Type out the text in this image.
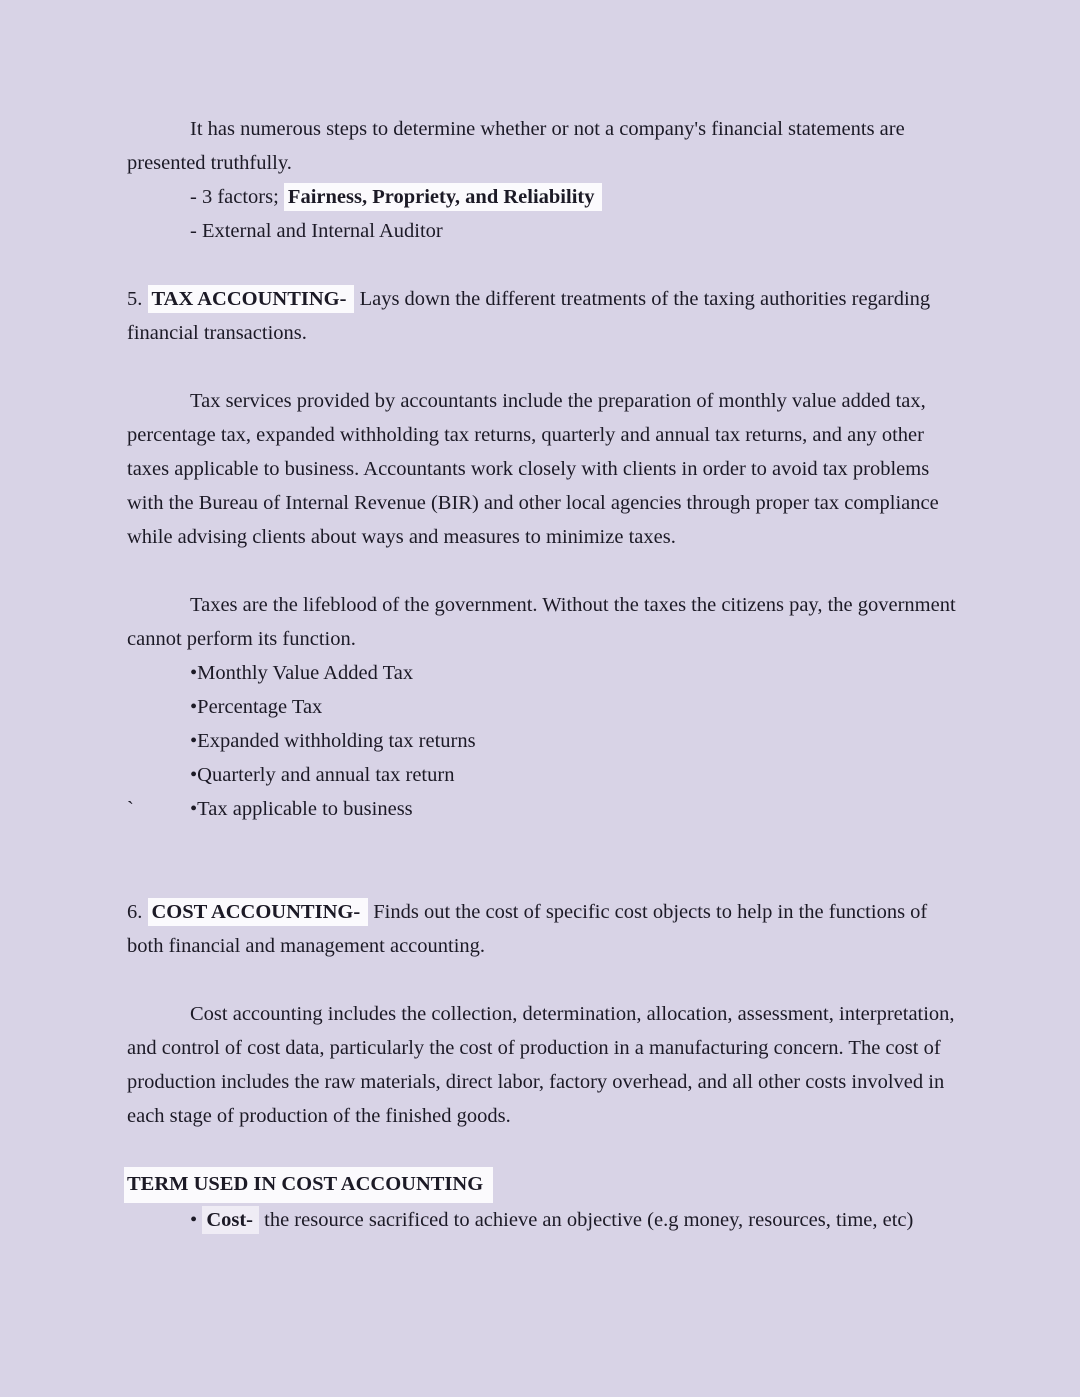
It has numerous steps to determine whether or not a company's financial statements are presented truthfully.

- 3 factors; Fairness, Propriety, and Reliability
- External and Internal Auditor

5. TAX ACCOUNTING- Lays down the different treatments of the taxing authorities regarding financial transactions.

Tax services provided by accountants include the preparation of monthly value added tax, percentage tax, expanded withholding tax returns, quarterly and annual tax returns, and any other taxes applicable to business. Accountants work closely with clients in order to avoid tax problems with the Bureau of Internal Revenue (BIR) and other local agencies through proper tax compliance while advising clients about ways and measures to minimize taxes.

Taxes are the lifeblood of the government. Without the taxes the citizens pay, the government cannot perform its function.

•Monthly Value Added Tax
•Percentage Tax
•Expanded withholding tax returns
•Quarterly and annual tax return
`	•Tax applicable to business

6. COST ACCOUNTING- Finds out the cost of specific cost objects to help in the functions of both financial and management accounting.

Cost accounting includes the collection, determination, allocation, assessment, interpretation, and control of cost data, particularly the cost of production in a manufacturing concern. The cost of production includes the raw materials, direct labor, factory overhead, and all other costs involved in each stage of production of the finished goods.

TERM USED IN COST ACCOUNTING
• Cost- the resource sacrificed to achieve an objective (e.g money, resources, time, etc)
